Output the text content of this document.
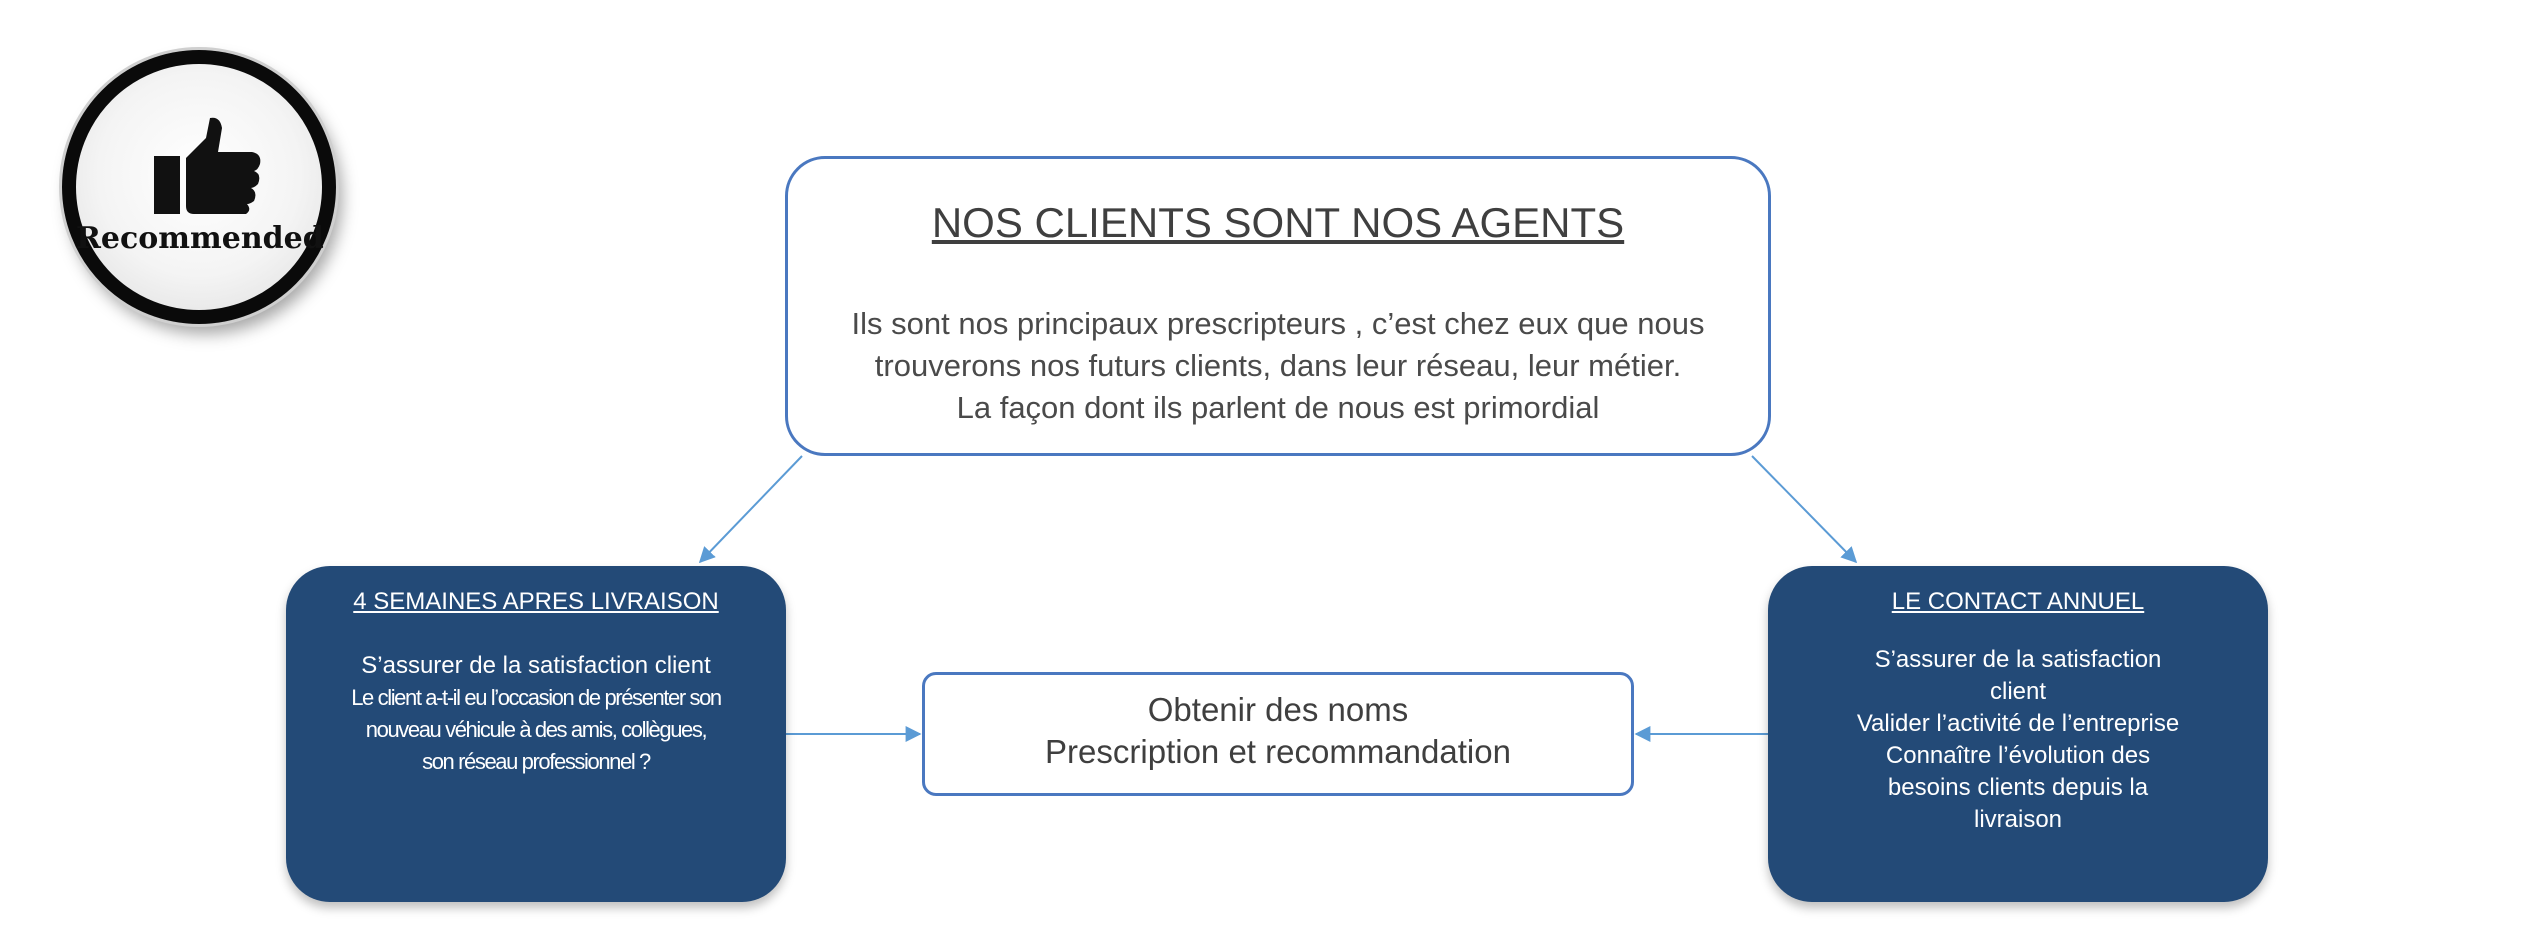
Recommended	NOS CLIENTS SONT NOS AGENTS
Ils sont nos principaux prescripteurs , c’est chez eux que nous
trouverons nos futurs clients, dans leur réseau, leur métier.
La façon dont ils parlent de nous est primordial
4 SEMAINES APRES LIVRAISON
S’assurer de la satisfaction client
Le client a-t-il eu l’occasion de présenter son
nouveau véhicule à des amis, collègues,
son réseau professionnel ?
Obtenir des noms
Prescription et recommandation
LE CONTACT ANNUEL
S’assurer de la satisfaction
client
Valider l’activité de l’entreprise
Connaître l’évolution des
besoins clients depuis la
livraison
